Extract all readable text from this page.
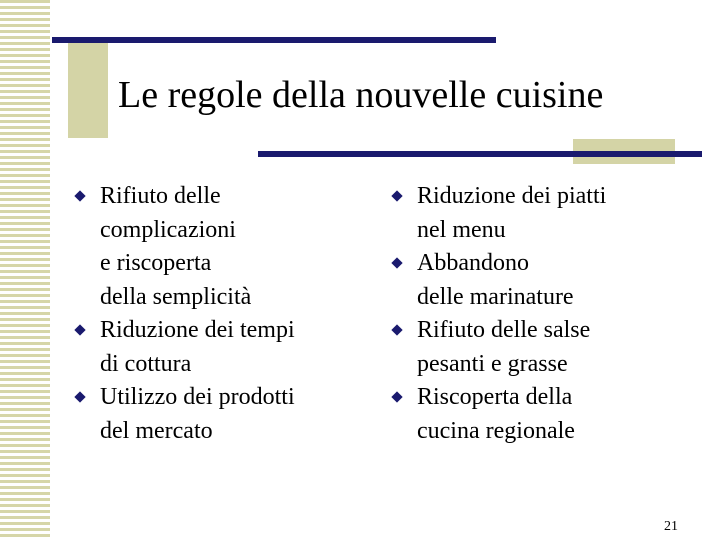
Le regole della nouvelle cuisine
Rifiuto delle
complicazioni
e riscoperta
della semplicità
Riduzione dei tempi
di cottura
Utilizzo dei prodotti
del mercato
Riduzione dei piatti
nel menu
Abbandono
delle marinature
Rifiuto delle salse
pesanti e grasse
Riscoperta della
cucina regionale
21
